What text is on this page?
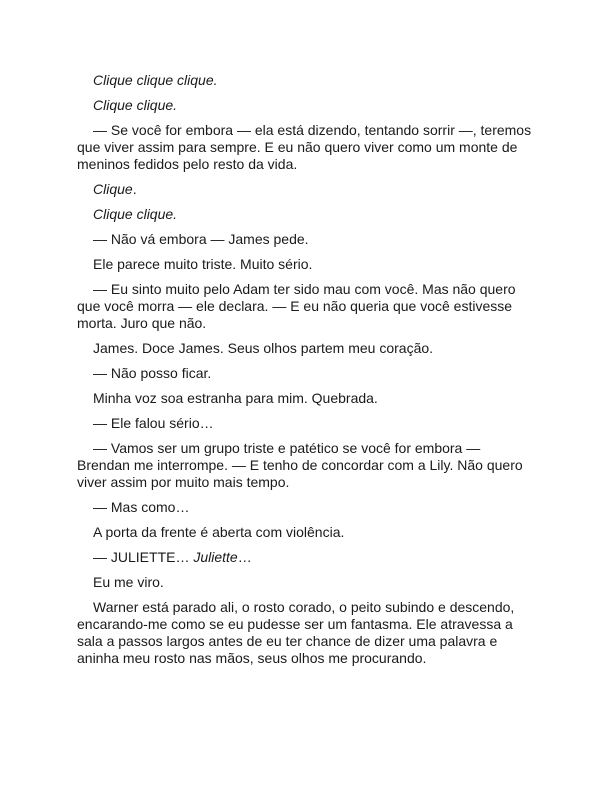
Clique clique clique.

Clique clique.

— Se você for embora — ela está dizendo, tentando sorrir —, teremos que viver assim para sempre. E eu não quero viver como um monte de meninos fedidos pelo resto da vida.

Clique.

Clique clique.

— Não vá embora — James pede.

Ele parece muito triste. Muito sério.

— Eu sinto muito pelo Adam ter sido mau com você. Mas não quero que você morra — ele declara. — E eu não queria que você estivesse morta. Juro que não.

James. Doce James. Seus olhos partem meu coração.

— Não posso ficar.

Minha voz soa estranha para mim. Quebrada.

— Ele falou sério…

— Vamos ser um grupo triste e patético se você for embora — Brendan me interrompe. — E tenho de concordar com a Lily. Não quero viver assim por muito mais tempo.

— Mas como…

A porta da frente é aberta com violência.

— JULIETTE… Juliette…

Eu me viro.

Warner está parado ali, o rosto corado, o peito subindo e descendo, encarando-me como se eu pudesse ser um fantasma. Ele atravessa a sala a passos largos antes de eu ter chance de dizer uma palavra e aninha meu rosto nas mãos, seus olhos me procurando.
